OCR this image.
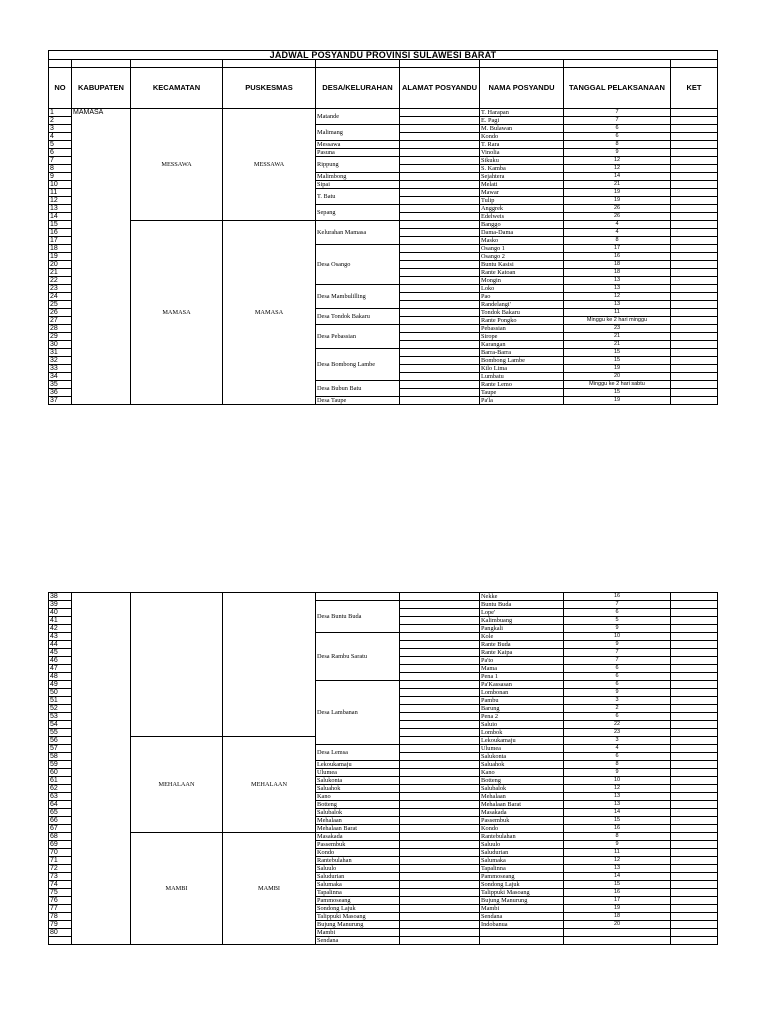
JADWAL POSYANDU PROVINSI SULAWESI BARAT								

NO	KABUPATEN	KECAMATAN	PUSKESMAS	DESA/KELURAHAN	ALAMAT POSYANDU	NAMA POSYANDU	TANGGAL PELAKSANAAN	KET
1	MAMASA	MESSAWA	MESSAWA	Matande		T. Harapan	7	
2						E. Pagi	7	
3				Malimang		M. Bulawan	6	
4						Kondo	6	
5				Messawa		T. Rara	8	
6				Pasuna		Vinolia	9	
7				Rippung		Sikuku	12	
8						S. Kamba	12	
9				Malimbong		Sejahtera	14	
10				Sipai		Melati	21	
11				T. Batu		Mawar	19	
12						Tulip	19	
13				Sepang		Anggrek	26	
14						Edelweis	26	
15		MAMASA	MAMASA	Kelurahan Mamasa		Banggo	4	
16						Dama-Dama	4	
17						Masko	8	
18				Desa Osango		Osango 1	17	
19						Osango 2	16	
20						Buntu Kasisi	18	
21						Rante Katoan	18	
22						Mongin	13	
23				Desa Mambulilling		Loko	13	
24						Pao	12	
25						Randelangi'	13	
26				Desa Tondok Bakaru		Tondok Bakaru	11	
27						Rante Pongko	Minggu ke 2 hari minggu	
28				Desa Pebassian		Pebassian	23	
29						Sirope	21	
30						Karangan	21	
31				Desa Bombong Lambe		Barra-Barra	15	
32						Bombong Lambe	15	
33						Kilo Lima	19	
34						Lumbatu	20	
35				Desa Bubun Batu		Rante Lemo	Minggu ke 2 hari sabtu	
36						Taupe	15	
37				Desa Taupe		Pa'la	19	
38						Nekke	16	
39				Desa Buntu Buda		Buntu Buda	7	
40						Lope'	6	
41						Kalimbuang	5	
42						Pangkali	9	
43				Desa Rambu Saratu		Kole	10	
44						Rante Buda	9	
45						Rante Kaipa	7	
46						Pa'to	7	
47						Mama	6	
48						Pena 1	6	
49				Desa Lambanan		Pa'Kassasan	6	
50						Lombonan	9	
51						Pambu	3	
52						Barung	2	
53						Pena 2	6	
54						Saluio	22	
55						Lombok	23	
56		MEHALAAN	MEHALAAN			Lekoukamaju	3	
57				Desa Lemsa		Ulumea	4	
58						Salukonta	6	
59				Lekoukamaju		Saluahok	8	
60				Ulumea		Kano	9	
61				Salukonta		Botteng	10	
62				Saluahok		Salubalok	12	
63				Kano		Mehalaan	13	
64				Botteng		Mehalaan Barat	13	
65				Salubalok		Masakada	14	
66				Mehalaan		Passembuk	15	
67				Mehalaan Barat		Kondo	16	
68		MAMBI	MAMBI	Masakada		Rantebulahan	8	
69				Passembuk		Saluulo	9	
70				Kondo		Saludurian	11	
71				Rantebulahan		Salumaka	12	
72				Saluulo		Tapalinna	13	
73				Saludurian		Pammoseang	14	
74				Salumaka		Sondong Lajuk	15	
75				Tapalinna		Talippuki Masoang	16	
76				Pammoseang		Bujung Manurung	17	
77				Sondong Lajuk		Mambi	19	
78				Talippuki Masoang		Sendana	18	
79				Bujung Manurung		Indobanua	20	
80				Mambi				
				Sendana				
